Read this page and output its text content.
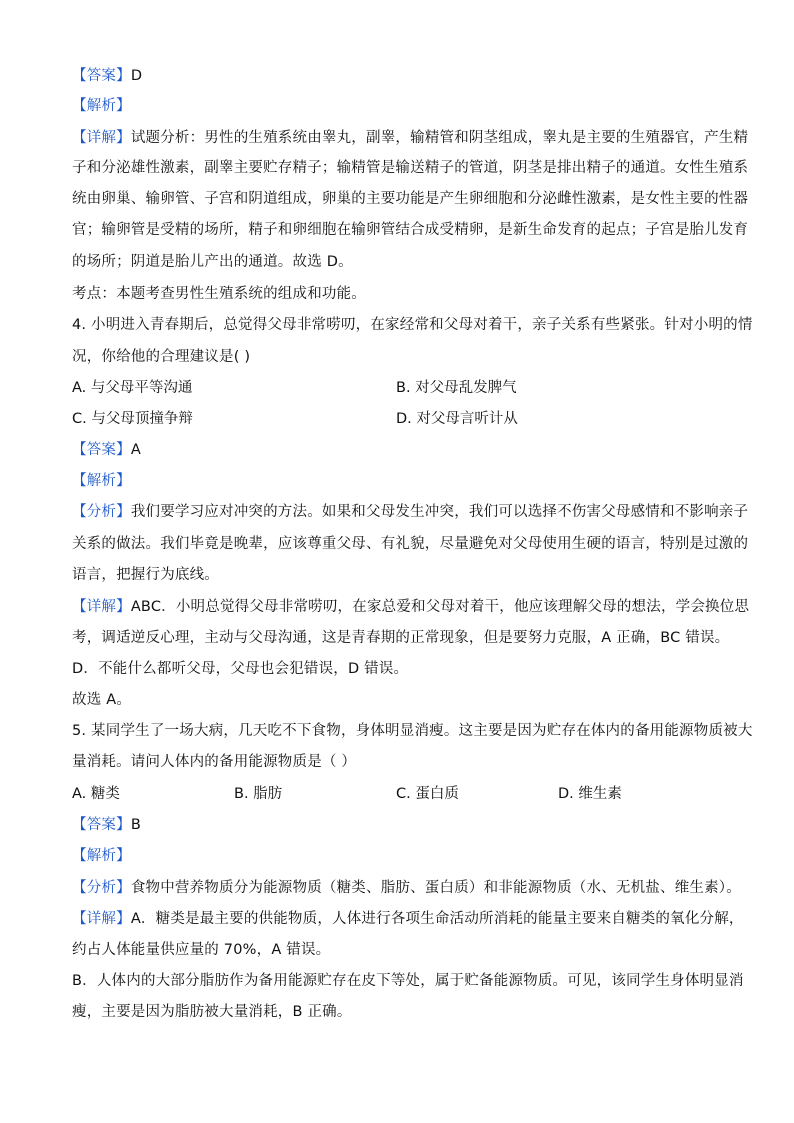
【答案】D
【解析】
【详解】试题分析：男性的生殖系统由睾丸，副睾，输精管和阴茎组成，睾丸是主要的生殖器官，产生精
子和分泌雄性激素，副睾主要贮存精子；输精管是输送精子的管道，阴茎是排出精子的通道。女性生殖系
统由卵巢、输卵管、子宫和阴道组成，卵巢的主要功能是产生卵细胞和分泌雌性激素，是女性主要的性器
官；输卵管是受精的场所，精子和卵细胞在输卵管结合成受精卵，是新生命发育的起点；子宫是胎儿发育
的场所；阴道是胎儿产出的通道。故选 D。
考点：本题考查男性生殖系统的组成和功能。
4. 小明进入青春期后，总觉得父母非常唠叨，在家经常和父母对着干，亲子关系有些紧张。针对小明的情
况，你给他的合理建议是( )
A. 与父母平等沟通	B. 对父母乱发脾气
C. 与父母顶撞争辩	D. 对父母言听计从
【答案】A
【解析】
【分析】我们要学习应对冲突的方法。如果和父母发生冲突，我们可以选择不伤害父母感情和不影响亲子
关系的做法。我们毕竟是晚辈，应该尊重父母、有礼貌，尽量避免对父母使用生硬的语言，特别是过激的
语言，把握行为底线。
【详解】ABC．小明总觉得父母非常唠叨，在家总爱和父母对着干，他应该理解父母的想法，学会换位思
考，调适逆反心理，主动与父母沟通，这是青春期的正常现象，但是要努力克服，A 正确，BC 错误。
D．不能什么都听父母，父母也会犯错误，D 错误。
故选 A。
5. 某同学生了一场大病，几天吃不下食物，身体明显消瘦。这主要是因为贮存在体内的备用能源物质被大
量消耗。请问人体内的备用能源物质是（ ）
A. 糖类	B. 脂肪	C. 蛋白质	D. 维生素
【答案】B
【解析】
【分析】食物中营养物质分为能源物质（糖类、脂肪、蛋白质）和非能源物质（水、无机盐、维生素）。
【详解】A．糖类是最主要的供能物质，人体进行各项生命活动所消耗的能量主要来自糖类的氧化分解，
约占人体能量供应量的 70%，A 错误。
B．人体内的大部分脂肪作为备用能源贮存在皮下等处，属于贮备能源物质。可见，该同学生身体明显消
瘦，主要是因为脂肪被大量消耗，B 正确。
